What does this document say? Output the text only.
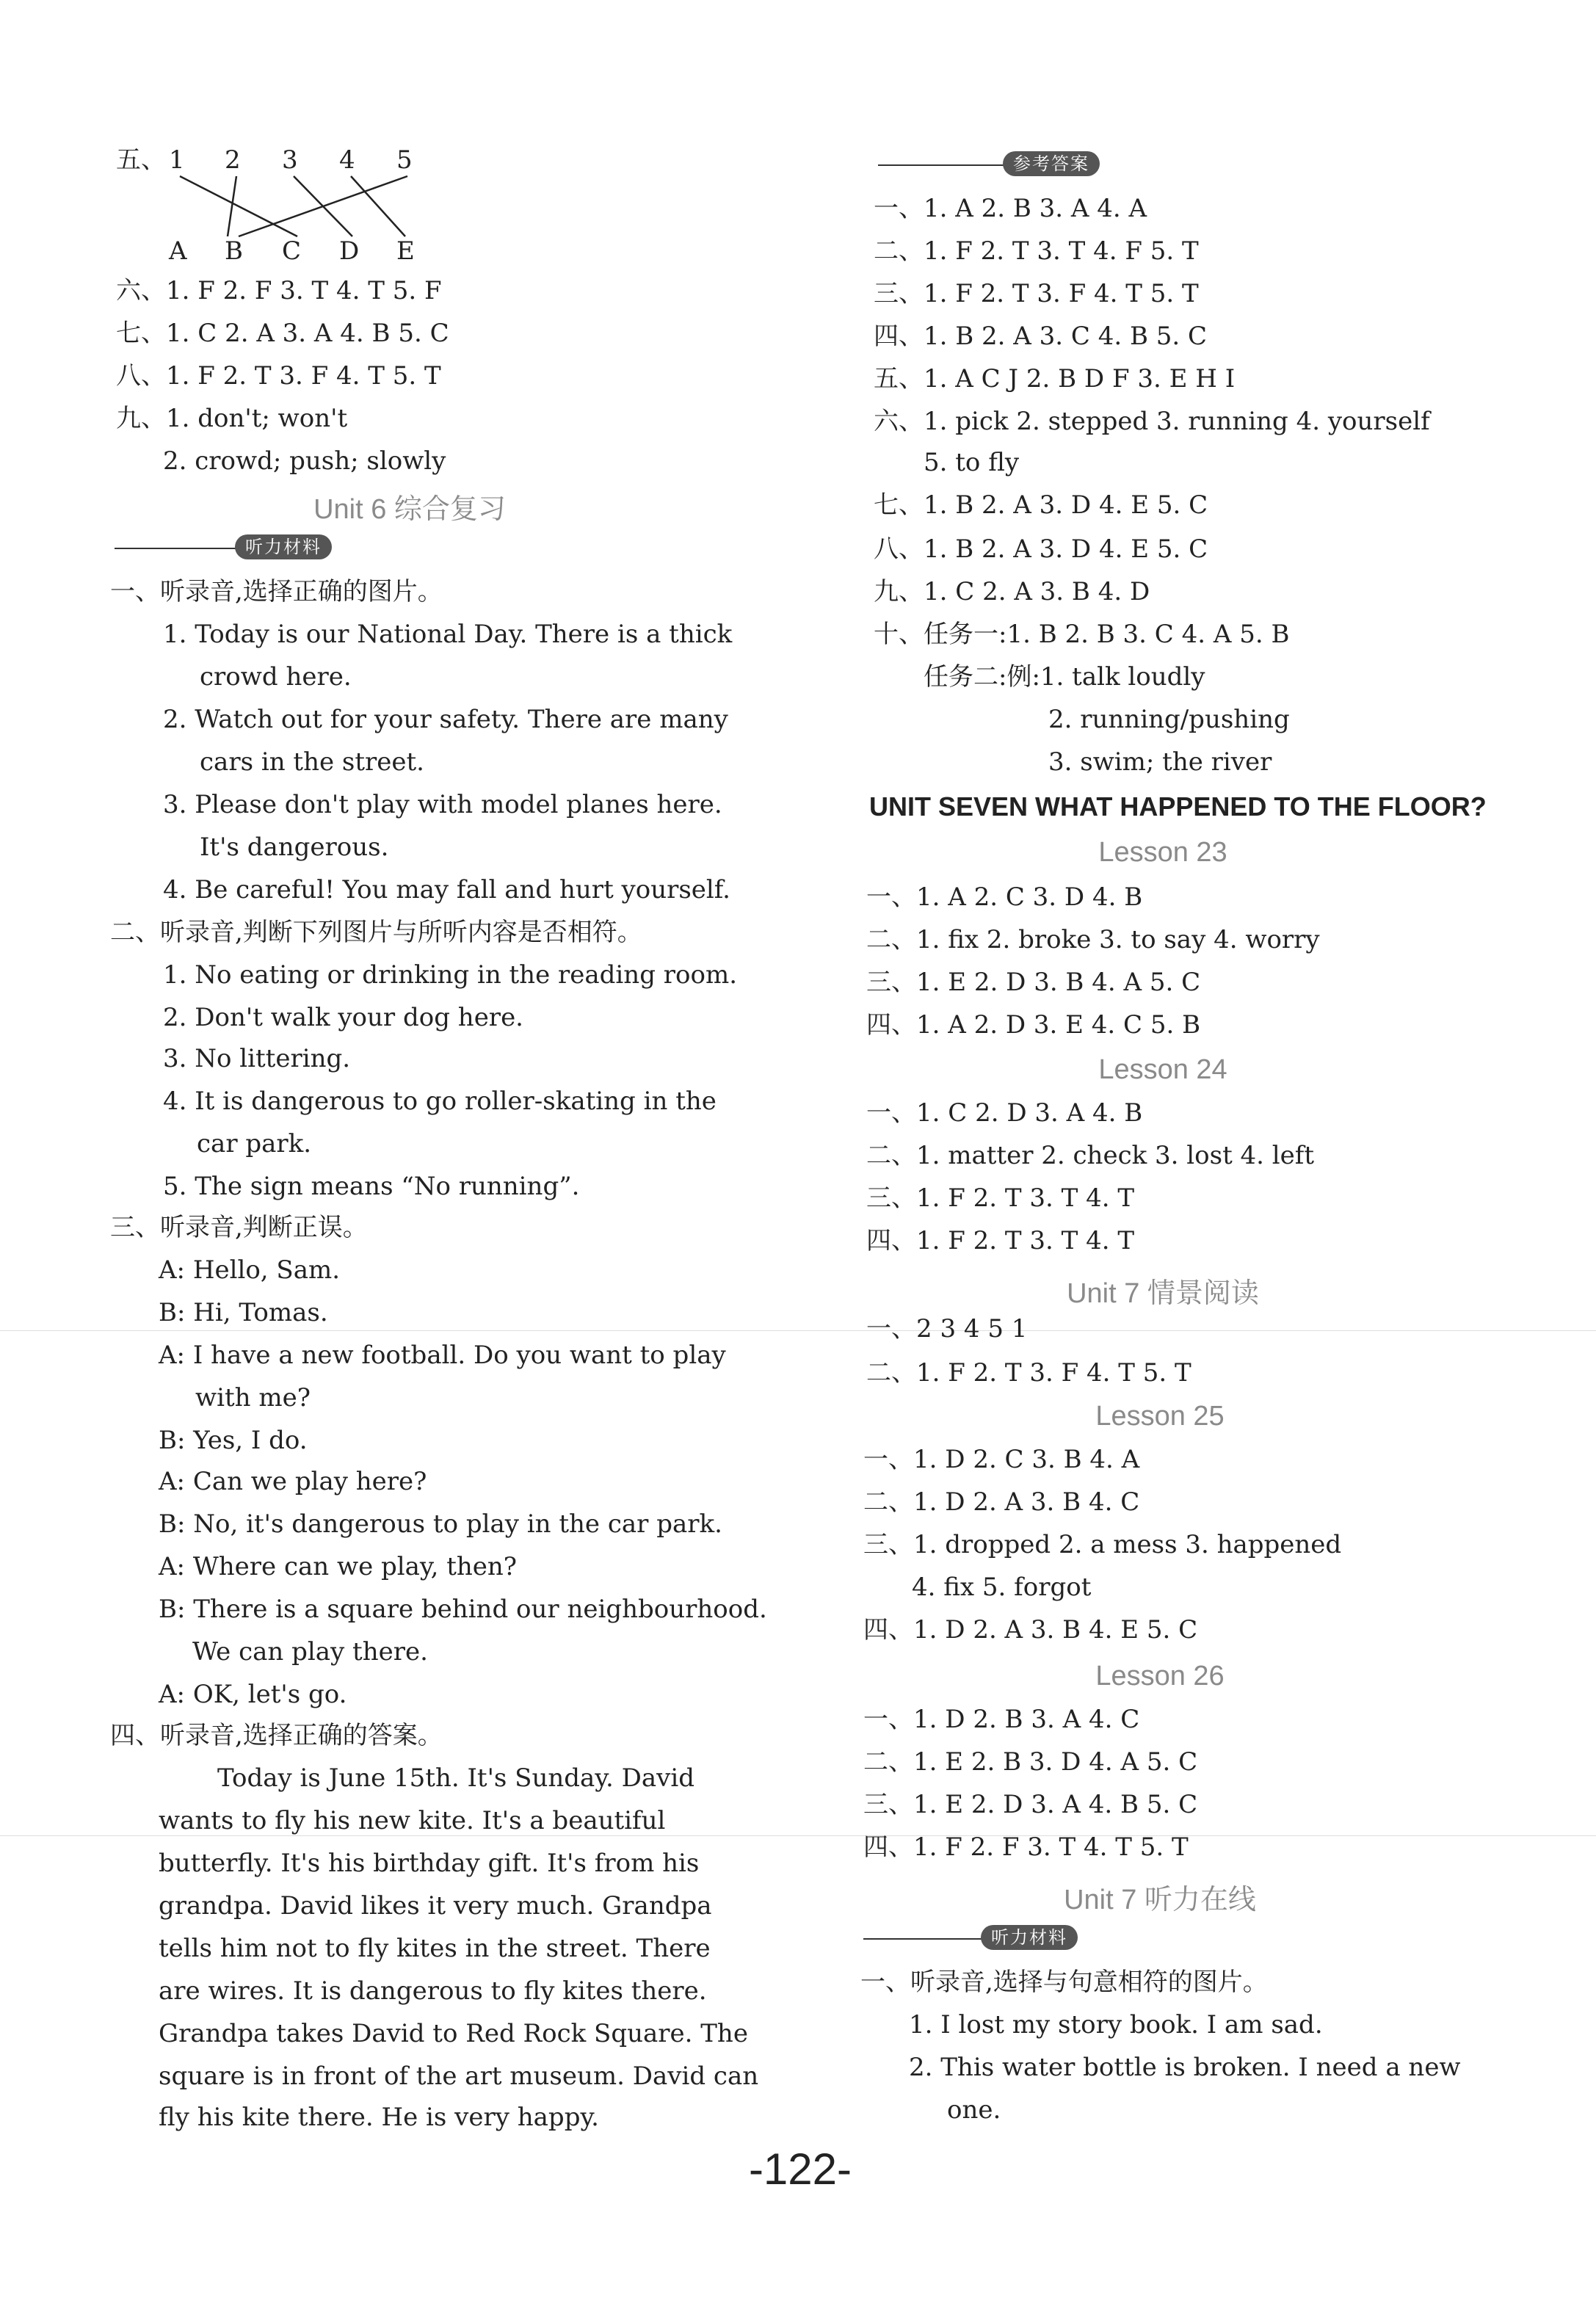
五、 1 2 3 4 5
A B C D E
六、1. F 2. F 3. T 4. T 5. F
七、1. C 2. A 3. A 4. B 5. C
八、1. F 2. T 3. F 4. T 5. T
九、1. don't; won't
2. crowd; push; slowly
Unit 6 综合复习
听力材料
一、听录音,选择正确的图片。
1. Today is our National Day. There is a thick
crowd here.
2. Watch out for your safety. There are many
cars in the street.
3. Please don't play with model planes here.
It's dangerous.
4. Be careful! You may fall and hurt yourself.
二、听录音,判断下列图片与所听内容是否相符。
1. No eating or drinking in the reading room.
2. Don't walk your dog here.
3. No littering.
4. It is dangerous to go roller-skating in the
car park.
5. The sign means “No running”.
三、听录音,判断正误。
A: Hello, Sam.
B: Hi, Tomas.
A: I have a new football. Do you want to play
with me?
B: Yes, I do.
A: Can we play here?
B: No, it's dangerous to play in the car park.
A: Where can we play, then?
B: There is a square behind our neighbourhood.
We can play there.
A: OK, let's go.
四、听录音,选择正确的答案。
Today is June 15th. It's Sunday. David
wants to fly his new kite. It's a beautiful
butterfly. It's his birthday gift. It's from his
grandpa. David likes it very much. Grandpa
tells him not to fly kites in the street. There
are wires. It is dangerous to fly kites there.
Grandpa takes David to Red Rock Square. The
square is in front of the art museum. David can
fly his kite there. He is very happy.
参考答案
一、1. A 2. B 3. A 4. A
二、1. F 2. T 3. T 4. F 5. T
三、1. F 2. T 3. F 4. T 5. T
四、1. B 2. A 3. C 4. B 5. C
五、1. A C J 2. B D F 3. E H I
六、1. pick 2. stepped 3. running 4. yourself
5. to fly
七、1. B 2. A 3. D 4. E 5. C
八、1. B 2. A 3. D 4. E 5. C
九、1. C 2. A 3. B 4. D
十、任务一:1. B 2. B 3. C 4. A 5. B
任务二:例:1. talk loudly
2. running/pushing
3. swim; the river
UNIT SEVEN WHAT HAPPENED TO THE FLOOR?
Lesson 23
一、1. A 2. C 3. D 4. B
二、1. fix 2. broke 3. to say 4. worry
三、1. E 2. D 3. B 4. A 5. C
四、1. A 2. D 3. E 4. C 5. B
Lesson 24
一、1. C 2. D 3. A 4. B
二、1. matter 2. check 3. lost 4. left
三、1. F 2. T 3. T 4. T
四、1. F 2. T 3. T 4. T
Unit 7 情景阅读
一、2 3 4 5 1
二、1. F 2. T 3. F 4. T 5. T
Lesson 25
一、1. D 2. C 3. B 4. A
二、1. D 2. A 3. B 4. C
三、1. dropped 2. a mess 3. happened
4. fix 5. forgot
四、1. D 2. A 3. B 4. E 5. C
Lesson 26
一、1. D 2. B 3. A 4. C
二、1. E 2. B 3. D 4. A 5. C
三、1. E 2. D 3. A 4. B 5. C
四、1. F 2. F 3. T 4. T 5. T
Unit 7 听力在线
听力材料
一、听录音,选择与句意相符的图片。
1. I lost my story book. I am sad.
2. This water bottle is broken. I need a new
one.
-122-
